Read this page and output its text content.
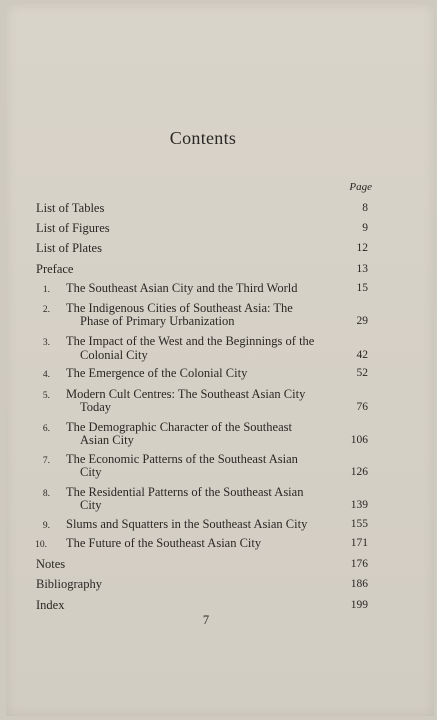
Contents
Page
List of Tables	8
List of Figures	9
List of Plates	12
Preface	13
1. The Southeast Asian City and the Third World	15
2. The Indigenous Cities of Southeast Asia: The
Phase of Primary Urbanization	29
3. The Impact of the West and the Beginnings of the
Colonial City	42
4. The Emergence of the Colonial City	52
5. Modern Cult Centres: The Southeast Asian City
Today	76
6. The Demographic Character of the Southeast
Asian City	106
7. The Economic Patterns of the Southeast Asian
City	126
8. The Residential Patterns of the Southeast Asian
City	139
9. Slums and Squatters in the Southeast Asian City	155
10. The Future of the Southeast Asian City	171
Notes	176
Bibliography	186
Index	199
7
